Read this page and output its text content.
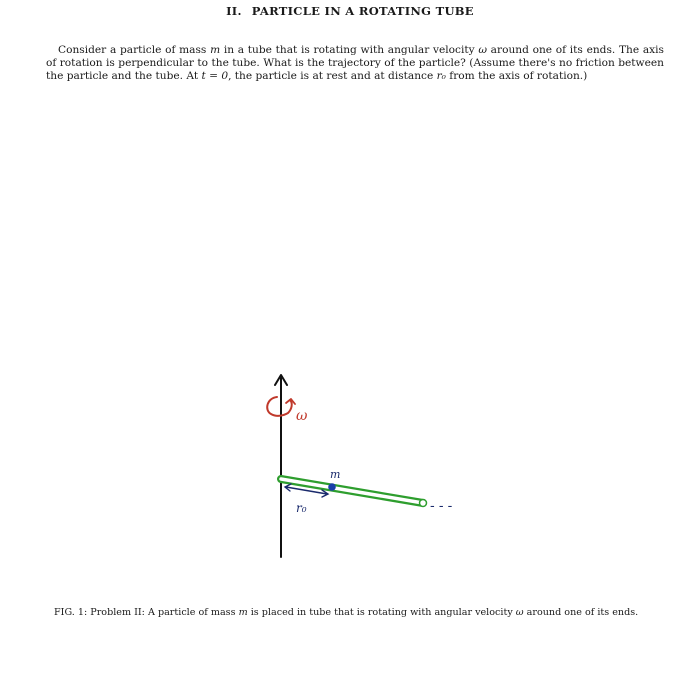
II. PARTICLE IN A ROTATING TUBE

Consider a particle of mass m in a tube that is rotating with angular velocity ω around one of its ends. The axis of rotation is perpendicular to the tube. What is the trajectory of the particle? (Assume there's no friction between the particle and the tube. At t = 0, the particle is at rest and at distance r₀ from the axis of rotation.)

ω
- - -
m
r₀

FIG. 1: Problem II: A particle of mass m is placed in tube that is rotating with angular velocity ω around one of its ends.
